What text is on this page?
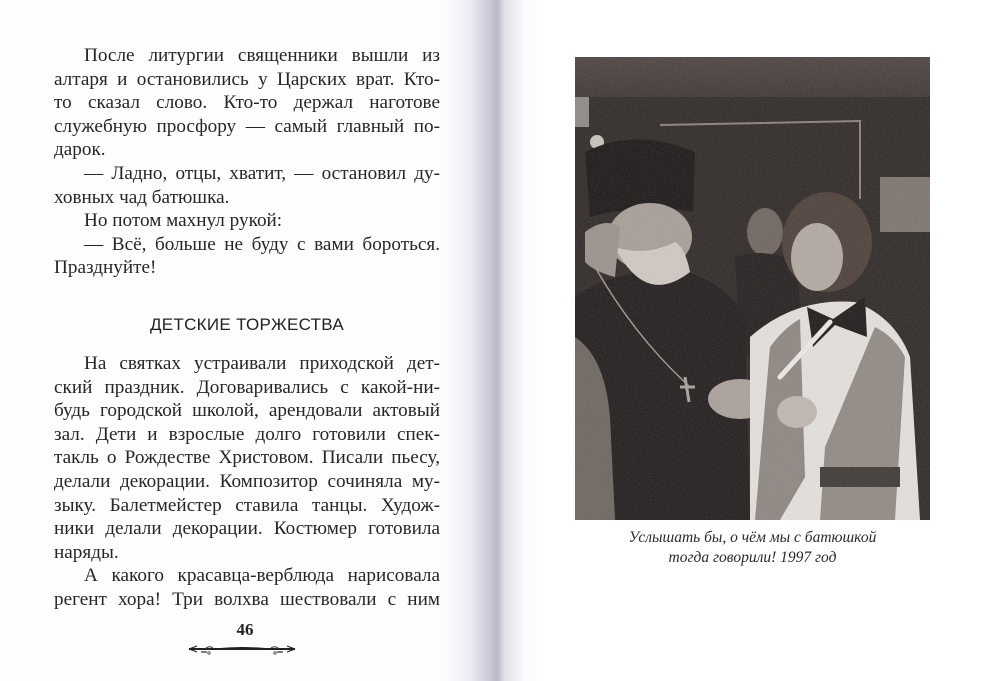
После литургии священники вышли из
алтаря и остановились у Царских врат. Кто-
то сказал слово. Кто-то держал наготове
служебную просфору — самый главный по-
дарок.
— Ладно, отцы, хватит, — остановил ду-
ховных чад батюшка.
Но потом махнул рукой:
— Всё, больше не буду с вами бороться.
Празднуйте!
ДЕТСКИЕ ТОРЖЕСТВА
На святках устраивали приходской дет-
ский праздник. Договаривались с какой-ни-
будь городской школой, арендовали актовый
зал. Дети и взрослые долго готовили спек-
такль о Рождестве Христовом. Писали пьесу,
делали декорации. Композитор сочиняла му-
зыку. Балетмейстер ставила танцы. Худож-
ники делали декорации. Костюмер готовила
наряды.
А какого красавца-верблюда нарисовала
регент хора! Три волхва шествовали с ним
46
Услышать бы, о чём мы с батюшкой
тогда говорили! 1997 год
